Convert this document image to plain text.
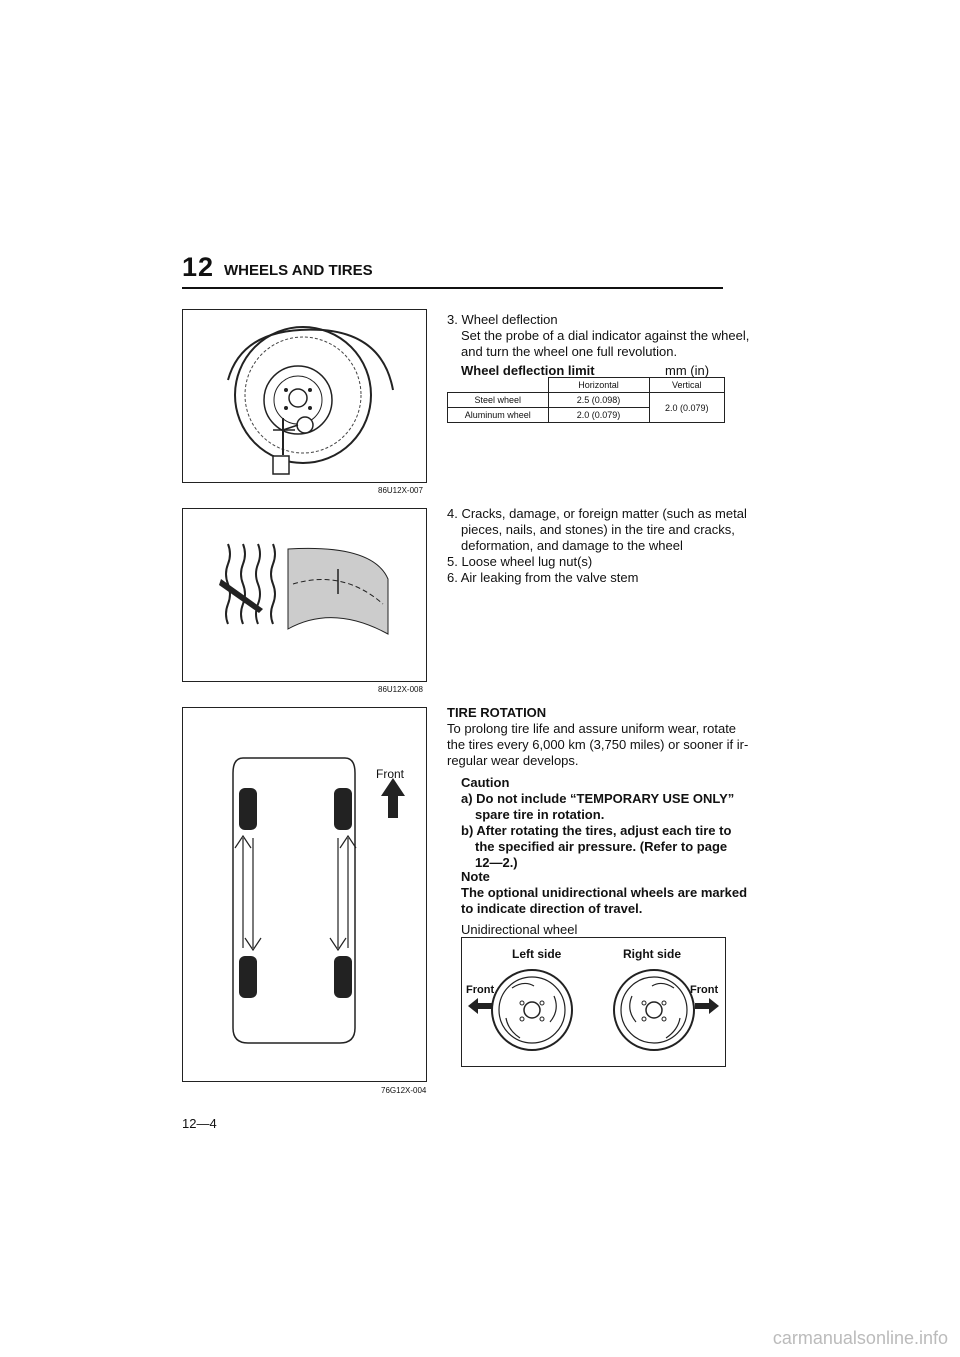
12 WHEELS AND TIRES
86U12X-007
3. Wheel deflection
Set the probe of a dial indicator against the wheel,
and turn the wheel one full revolution.
Wheel deflection limit	mm (in)
	Horizontal	Vertical
Steel wheel	2.5 (0.098)	2.0 (0.079)
Aluminum wheel	2.0 (0.079)	
86U12X-008
4. Cracks, damage, or foreign matter (such as metal
pieces, nails, and stones) in the tire and cracks,
deformation, and damage to the wheel
5. Loose wheel lug nut(s)
6. Air leaking from the valve stem
Front
76G12X-004
TIRE ROTATION
To prolong tire life and assure uniform wear, rotate
the tires every 6,000 km (3,750 miles) or sooner if ir-
regular wear develops.
Caution
a) Do not include “TEMPORARY USE ONLY”
spare tire in rotation.
b) After rotating the tires, adjust each tire to
the specified air pressure. (Refer to page
12—2.)
Note
The optional unidirectional wheels are marked
to indicate direction of travel.
Unidirectional wheel
Left side	Right side
Front	Front
12—4
carmanualsonline.info
